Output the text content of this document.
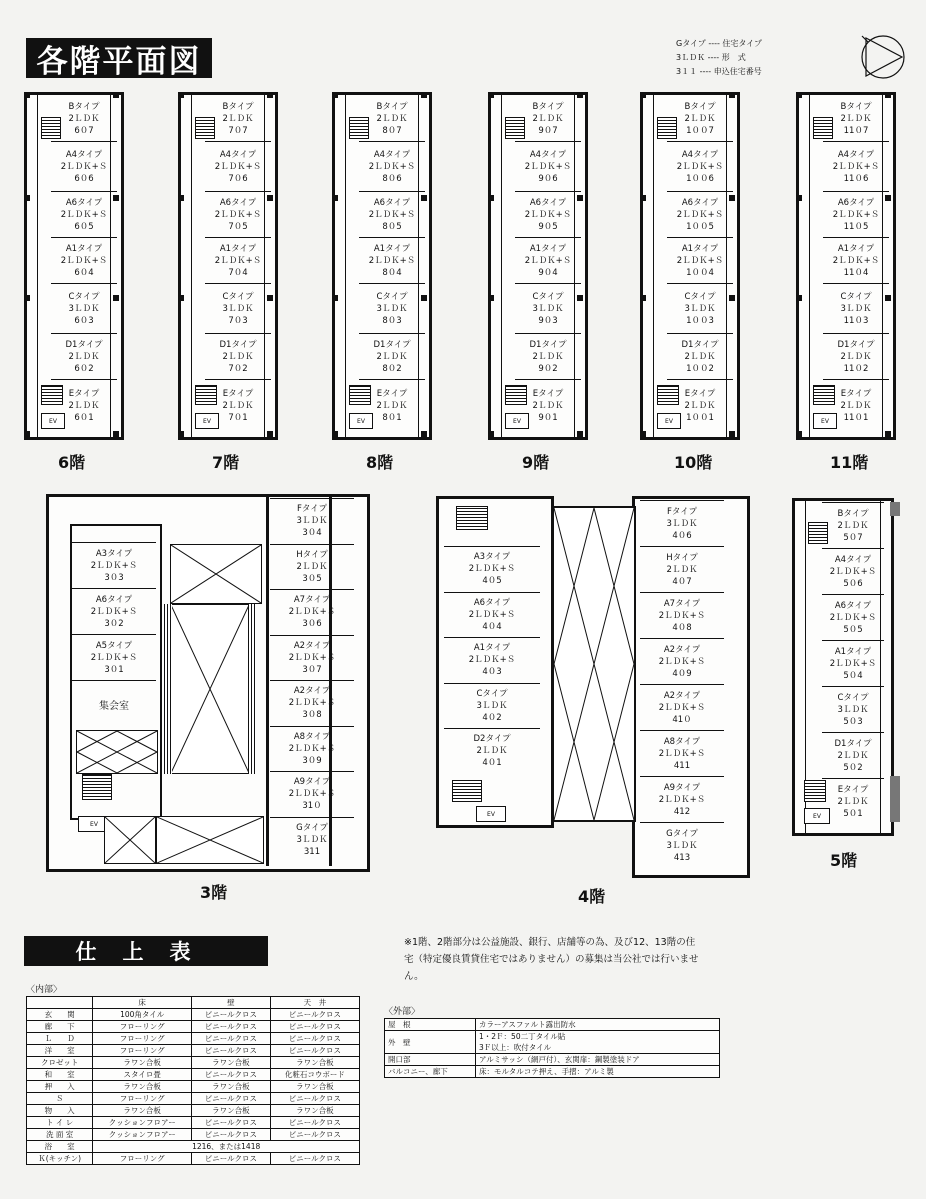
各階平面図	Gタイプ ---- 住宅タイプ
3ＬＤＫ ---- 形　式
3１１ ---- 申込住宅番号
Bタイプ
2ＬＤＫ
6０7
A4タイプ
2ＬＤＫ+Ｓ
6０6
A6タイプ
2ＬＤＫ+Ｓ
6０5
A1タイプ
2ＬＤＫ+Ｓ
6０4
Cタイプ
3ＬＤＫ
6０3
D1タイプ
2ＬＤＫ
6０2
Eタイプ
2ＬＤＫ
6０1
EV
6階
Bタイプ
2ＬＤＫ
7０7
A4タイプ
2ＬＤＫ+Ｓ
7０6
A6タイプ
2ＬＤＫ+Ｓ
7０5
A1タイプ
2ＬＤＫ+Ｓ
7０4
Cタイプ
3ＬＤＫ
7０3
D1タイプ
2ＬＤＫ
7０2
Eタイプ
2ＬＤＫ
7０1
EV
7階
Bタイプ
2ＬＤＫ
8０7
A4タイプ
2ＬＤＫ+Ｓ
8０6
A6タイプ
2ＬＤＫ+Ｓ
8０5
A1タイプ
2ＬＤＫ+Ｓ
8０4
Cタイプ
3ＬＤＫ
8０3
D1タイプ
2ＬＤＫ
8０2
Eタイプ
2ＬＤＫ
8０1
EV
8階
Bタイプ
2ＬＤＫ
9０7
A4タイプ
2ＬＤＫ+Ｓ
9０6
A6タイプ
2ＬＤＫ+Ｓ
9０5
A1タイプ
2ＬＤＫ+Ｓ
9０4
Cタイプ
3ＬＤＫ
9０3
D1タイプ
2ＬＤＫ
9０2
Eタイプ
2ＬＤＫ
9０1
EV
9階
Bタイプ
2ＬＤＫ
1００7
A4タイプ
2ＬＤＫ+Ｓ
1００6
A6タイプ
2ＬＤＫ+Ｓ
1００5
A1タイプ
2ＬＤＫ+Ｓ
1００4
Cタイプ
3ＬＤＫ
1００3
D1タイプ
2ＬＤＫ
1００2
Eタイプ
2ＬＤＫ
1００1
EV
10階
Bタイプ
2ＬＤＫ
11０7
A4タイプ
2ＬＤＫ+Ｓ
11０6
A6タイプ
2ＬＤＫ+Ｓ
11０5
A1タイプ
2ＬＤＫ+Ｓ
11０4
Cタイプ
3ＬＤＫ
11０3
D1タイプ
2ＬＤＫ
11０2
Eタイプ
2ＬＤＫ
11０1
EV
11階
A3タイプ
2ＬＤＫ+Ｓ
3０3
A6タイプ
2ＬＤＫ+Ｓ
3０2
A5タイプ
2ＬＤＫ+Ｓ
3０1
集会室
EV
Fタイプ
3ＬＤＫ
3０4
Hタイプ
2ＬＤＫ
3０5
A7タイプ
2ＬＤＫ+Ｓ
3０6
A2タイプ
2ＬＤＫ+Ｓ
3０7
A2タイプ
2ＬＤＫ+Ｓ
3０8
A8タイプ
2ＬＤＫ+Ｓ
3０9
A9タイプ
2ＬＤＫ+Ｓ
31０
Gタイプ
3ＬＤＫ
311
3階
A3タイプ
2ＬＤＫ+Ｓ
4０5
A6タイプ
2ＬＤＫ+Ｓ
4０4
A1タイプ
2ＬＤＫ+Ｓ
4０3
Cタイプ
3ＬＤＫ
4０2
D2タイプ
2ＬＤＫ
4０1
EV
Fタイプ
3ＬＤＫ
4０6
Hタイプ
2ＬＤＫ
4０7
A7タイプ
2ＬＤＫ+Ｓ
4０8
A2タイプ
2ＬＤＫ+Ｓ
4０9
A2タイプ
2ＬＤＫ+Ｓ
41０
A8タイプ
2ＬＤＫ+Ｓ
411
A9タイプ
2ＬＤＫ+Ｓ
412
Gタイプ
3ＬＤＫ
413
4階
Bタイプ
2ＬＤＫ
5０7
A4タイプ
2ＬＤＫ+Ｓ
5０6
A6タイプ
2ＬＤＫ+Ｓ
5０5
A1タイプ
2ＬＤＫ+Ｓ
5０4
Cタイプ
3ＬＤＫ
5０3
D1タイプ
2ＬＤＫ
5０2
Eタイプ
2ＬＤＫ
5０1
EV
5階
仕上表
〈内部〉
	床	壁	天　井
玄　　関	100角タイル	ビニールクロス	ビニールクロス
廊　　下	フローリング	ビニールクロス	ビニールクロス
Ｌ　　Ｄ	フローリング	ビニールクロス	ビニールクロス
洋　　室	フローリング	ビニールクロス	ビニールクロス
クロゼット	ラワン合板	ラワン合板	ラワン合板
和　　室	スタイロ畳	ビニールクロス	化粧石コウボード
押　　入	ラワン合板	ラワン合板	ラワン合板
Ｓ	フローリング	ビニールクロス	ビニールクロス
物　　入	ラワン合板	ラワン合板	ラワン合板
ト イ レ	クッションフロアー	ビニールクロス	ビニールクロス
洗 面 室	クッションフロアー	ビニールクロス	ビニールクロス
浴　　室	1216、または1418		
Ｋ(キッチン)	フローリング	ビニールクロス	ビニールクロス
※1階、2階部分は公益施設、銀行、店舗等の為、及び12、13階の住宅（特定優良賃貸住宅ではありません）の募集は当公社では行いません。
〈外部〉
屋　根	カラーアスファルト露出防水
外　壁	1・2Ｆ：50二丁タイル貼
3Ｆ以上：吹付タイル
開口部	アルミサッシ（網戸付）、玄関扉：鋼製塗装ドア
バルコニー、廊下	床：モルタルコテ押え、手摺：アルミ製
